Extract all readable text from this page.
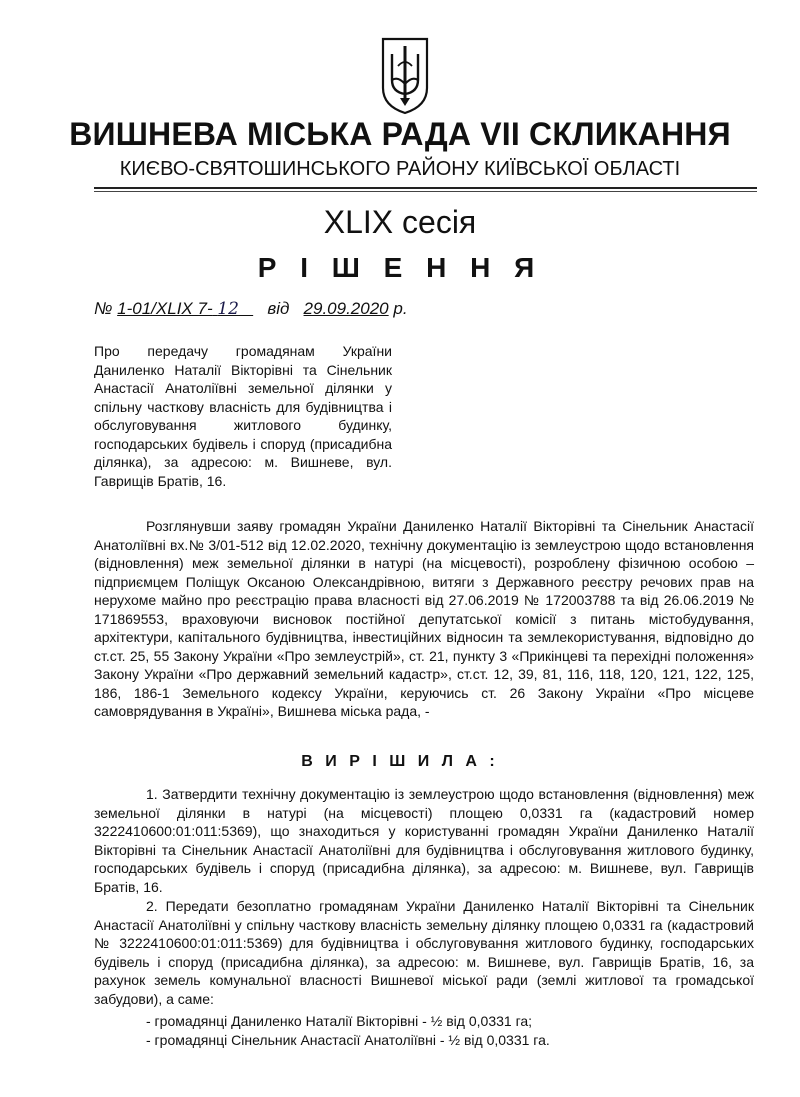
ВИШНЕВА МІСЬКА РАДА VII СКЛИКАННЯ
КИЄВО-СВЯТОШИНСЬКОГО РАЙОНУ КИЇВСЬКОЇ ОБЛАСТІ
XLIX сесія
Р І Ш Е Н Н Я
№ 1-01/XLIX 7- 12 від 29.09.2020 р.
Про передачу громадянам України Даниленко Наталії Вікторівні та Сінельник Анастасії Анатоліївні земельної ділянки у спільну часткову власність для будівництва і обслуговування житлового будинку, господарських будівель і споруд (присадибна ділянка), за адресою: м. Вишневе, вул. Гаврищів Братів, 16.

Розглянувши заяву громадян України Даниленко Наталії Вікторівні та Сінельник Анастасії Анатоліївні вх.№ 3/01-512 від 12.02.2020, технічну документацію із землеустрою щодо встановлення (відновлення) меж земельної ділянки в натурі (на місцевості), розроблену фізичною особою – підприємцем Поліщук Оксаною Олександрівною, витяги з Державного реєстру речових прав на нерухоме майно про реєстрацію права власності від 27.06.2019 № 172003788 та від 26.06.2019 № 171869553, враховуючи висновок постійної депутатської комісії з питань містобудування, архітектури, капітального будівництва, інвестиційних відносин та землекористування, відповідно до ст.ст. 25, 55 Закону України «Про землеустрій», ст. 21, пункту 3 «Прикінцеві та перехідні положення» Закону України «Про державний земельний кадастр», ст.ст. 12, 39, 81, 116, 118, 120, 121, 122, 125, 186, 186-1 Земельного кодексу України, керуючись ст. 26 Закону України «Про місцеве самоврядування в Україні», Вишнева міська рада, -

В И Р І Ш И Л А :

1. Затвердити технічну документацію із землеустрою щодо встановлення (відновлення) меж земельної ділянки в натурі (на місцевості) площею 0,0331 га (кадастровий номер 3222410600:01:011:5369), що знаходиться у користуванні громадян України Даниленко Наталії Вікторівні та Сінельник Анастасії Анатоліївні для будівництва і обслуговування житлового будинку, господарських будівель і споруд (присадибна ділянка), за адресою: м. Вишневе, вул. Гаврищів Братів, 16.

2. Передати безоплатно громадянам України Даниленко Наталії Вікторівні та Сінельник Анастасії Анатоліївні у спільну часткову власність земельну ділянку площею 0,0331 га (кадастровий № 3222410600:01:011:5369) для будівництва і обслуговування житлового будинку, господарських будівель і споруд (присадибна ділянка), за адресою: м. Вишневе, вул. Гаврищів Братів, 16, за рахунок земель комунальної власності Вишневої міської ради (землі житлової та громадської забудови), а саме:

- громадянці Даниленко Наталії Вікторівні - ½ від 0,0331 га;
- громадянці Сінельник Анастасії Анатоліївні - ½ від 0,0331 га.
